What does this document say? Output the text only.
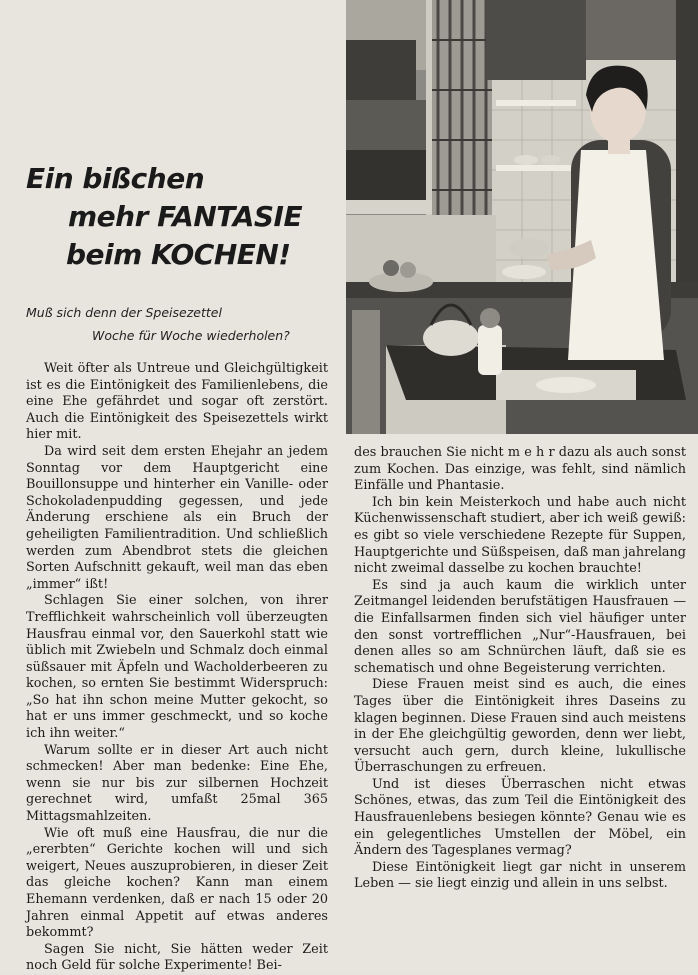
Ein bißchen
mehr FANTASIE
beim KOCHEN!
Muß sich denn der Speisezettel
Woche für Woche wiederholen?

Weit öfter als Untreue und Gleichgültigkeit ist es die Eintönigkeit des Familienlebens, die eine Ehe gefährdet und sogar oft zerstört. Auch die Eintönigkeit des Speisezettels wirkt hier mit.

Da wird seit dem ersten Ehejahr an jedem Sonntag vor dem Hauptgericht eine Bouillonsuppe und hinterher ein Vanille- oder Schokoladenpudding gegessen, und jede Änderung erschiene als ein Bruch der geheiligten Familientradition. Und schließlich werden zum Abendbrot stets die gleichen Sorten Aufschnitt gekauft, weil man das eben „immer“ ißt!

Schlagen Sie einer solchen, von ihrer Trefflichkeit wahrscheinlich voll überzeugten Hausfrau einmal vor, den Sauerkohl statt wie üblich mit Zwiebeln und Schmalz doch einmal süßsauer mit Äpfeln und Wacholderbeeren zu kochen, so ernten Sie bestimmt Widerspruch: „So hat ihn schon meine Mutter gekocht, so hat er uns immer geschmeckt, und so koche ich ihn weiter.“

Warum sollte er in dieser Art auch nicht schmecken! Aber man bedenke: Eine Ehe, wenn sie nur bis zur silbernen Hochzeit gerechnet wird, umfaßt 25mal 365 Mittagsmahlzeiten.

Wie oft muß eine Hausfrau, die nur die „ererbten“ Gerichte kochen will und sich weigert, Neues auszuprobieren, in dieser Zeit das gleiche kochen? Kann man einem Ehemann verdenken, daß er nach 15 oder 20 Jahren einmal Appetit auf etwas anderes bekommt?

Sagen Sie nicht, Sie hätten weder Zeit noch Geld für solche Experimente! Bei-

des brauchen Sie nicht m e h r dazu als auch sonst zum Kochen. Das einzige, was fehlt, sind nämlich Einfälle und Phantasie.

Ich bin kein Meisterkoch und habe auch nicht Küchenwissenschaft studiert, aber ich weiß gewiß: es gibt so viele verschiedene Rezepte für Suppen, Hauptgerichte und Süßspeisen, daß man jahrelang nicht zweimal dasselbe zu kochen brauchte!

Es sind ja auch kaum die wirklich unter Zeitmangel leidenden berufstätigen Hausfrauen — die Einfallsarmen finden sich viel häufiger unter den sonst vortrefflichen „Nur“-Hausfrauen, bei denen alles so am Schnürchen läuft, daß sie es schematisch und ohne Begeisterung verrichten.

Diese Frauen meist sind es auch, die eines Tages über die Eintönigkeit ihres Daseins zu klagen beginnen. Diese Frauen sind auch meistens in der Ehe gleichgültig geworden, denn wer liebt, versucht auch gern, durch kleine, lukullische Überraschungen zu erfreuen.

Und ist dieses Überraschen nicht etwas Schönes, etwas, das zum Teil die Eintönigkeit des Hausfrauenlebens besiegen könnte? Genau wie es ein gelegentliches Umstellen der Möbel, ein Ändern des Tagesplanes vermag?

Diese Eintönigkeit liegt gar nicht in unserem Leben — sie liegt einzig und allein in uns selbst.
